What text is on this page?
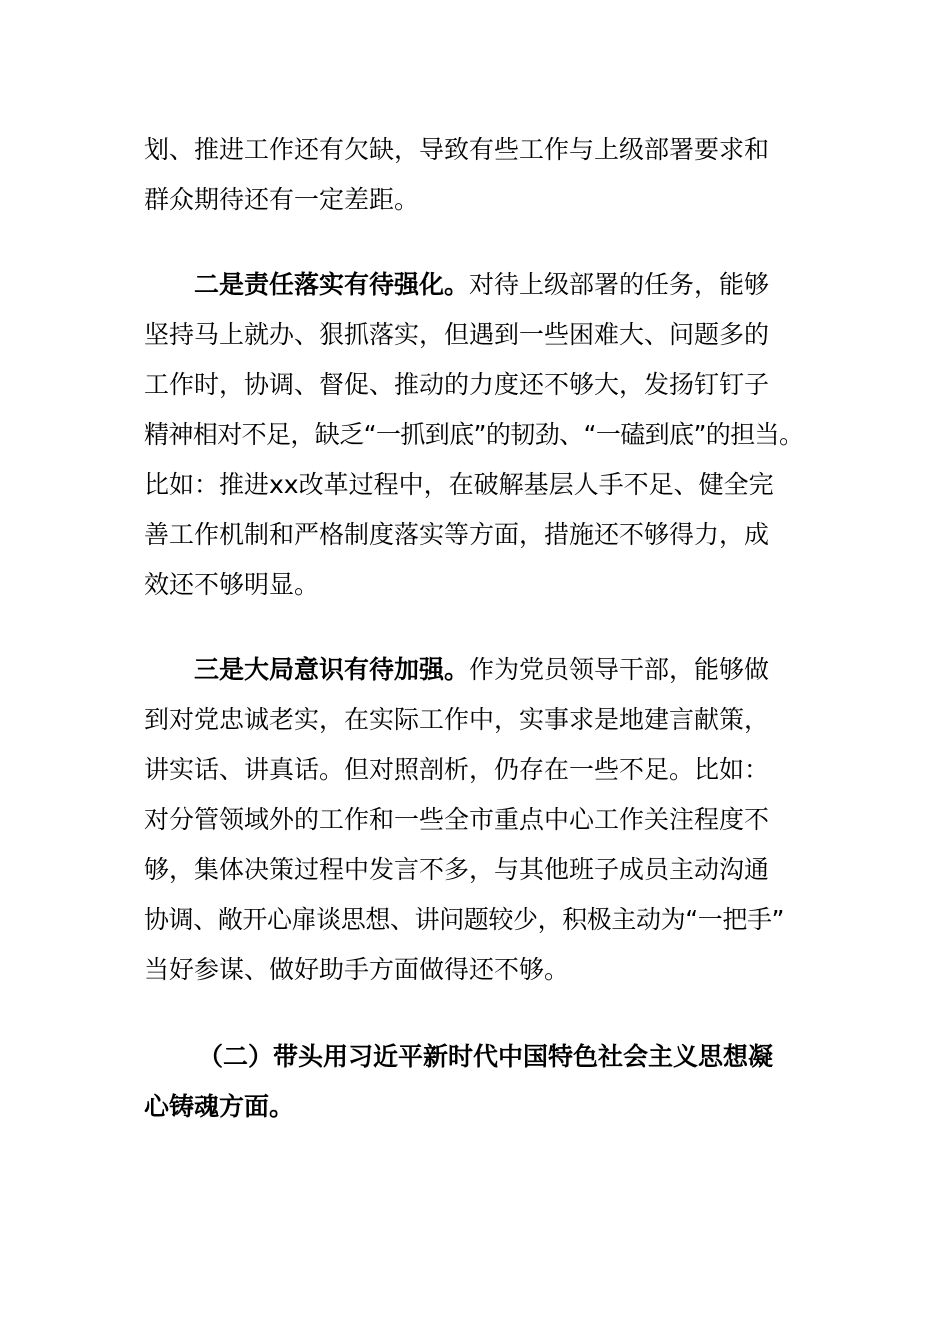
划、推进工作还有欠缺，导致有些工作与上级部署要求和
群众期待还有一定差距。
二是责任落实有待强化。对待上级部署的任务，能够
坚持马上就办、狠抓落实，但遇到一些困难大、问题多的
工作时，协调、督促、推动的力度还不够大，发扬钉钉子
精神相对不足，缺乏“一抓到底”的韧劲、“一磕到底”的担当。
比如：推进xx改革过程中，在破解基层人手不足、健全完
善工作机制和严格制度落实等方面，措施还不够得力，成
效还不够明显。
三是大局意识有待加强。作为党员领导干部，能够做
到对党忠诚老实，在实际工作中，实事求是地建言献策，
讲实话、讲真话。但对照剖析，仍存在一些不足。比如：
对分管领域外的工作和一些全市重点中心工作关注程度不
够，集体决策过程中发言不多，与其他班子成员主动沟通
协调、敞开心扉谈思想、讲问题较少，积极主动为“一把手”
当好参谋、做好助手方面做得还不够。
（二）带头用习近平新时代中国特色社会主义思想凝
心铸魂方面。
